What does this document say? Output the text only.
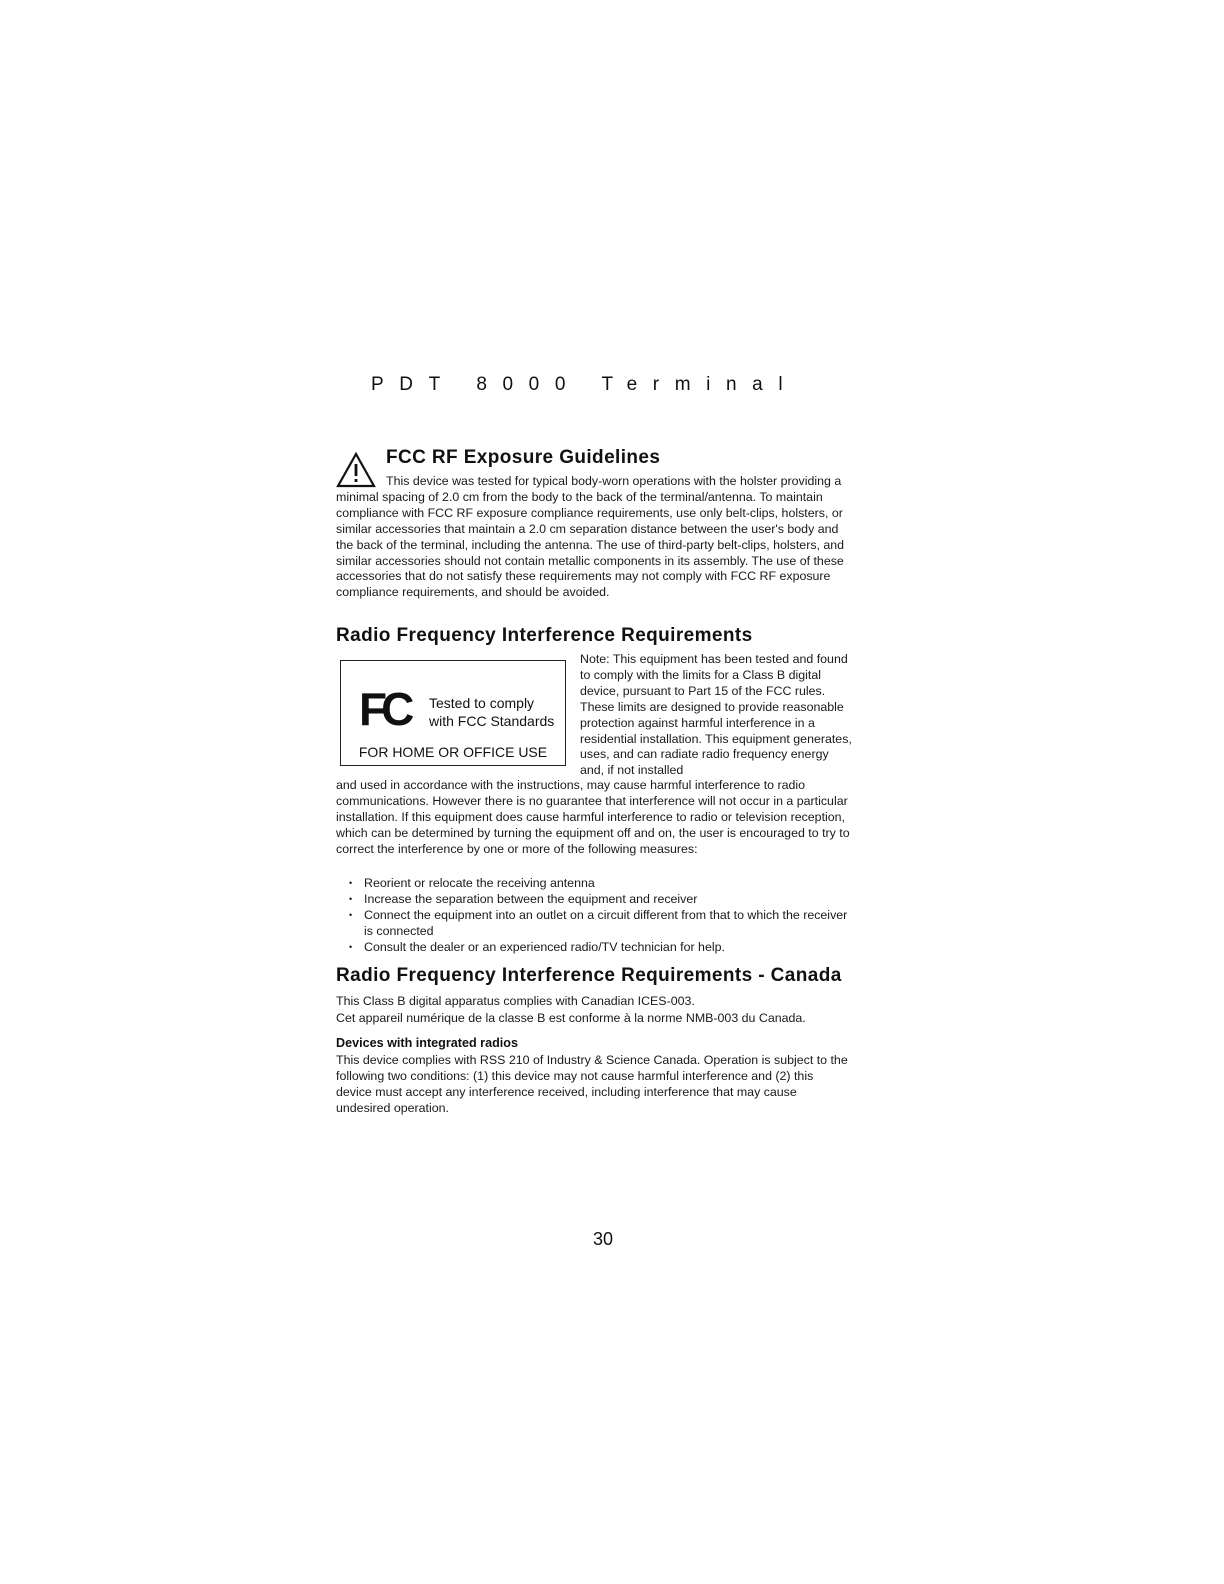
PDT 8000 Terminal
FCC RF Exposure Guidelines

This device was tested for typical body-worn operations with the holster providing a minimal spacing of 2.0 cm from the body to the back of the terminal/antenna. To maintain compliance with FCC RF exposure compliance requirements, use only belt-clips, holsters, or similar accessories that maintain a 2.0 cm separation distance between the user's body and the back of the terminal, including the antenna. The use of third-party belt-clips, holsters, and similar accessories should not contain metallic components in its assembly. The use of these accessories that do not satisfy these requirements may not comply with FCC RF exposure compliance requirements, and should be avoided.

Radio Frequency Interference Requirements
FC	Tested to comply
with FCC Standards
FOR HOME OR OFFICE USE

Note: This equipment has been tested and found to comply with the limits for a Class B digital device, pursuant to Part 15 of the FCC rules. These limits are designed to provide reasonable protection against harmful interference in a residential installation. This equipment generates, uses, and can radiate radio frequency energy and, if not installed

and used in accordance with the instructions, may cause harmful interference to radio communications. However there is no guarantee that interference will not occur in a particular installation. If this equipment does cause harmful interference to radio or television reception, which can be determined by turning the equipment off and on, the user is encouraged to try to correct the interference by one or more of the following measures:

• Reorient or relocate the receiving antenna
• Increase the separation between the equipment and receiver
• Connect the equipment into an outlet on a circuit different from that to which the receiver is connected
• Consult the dealer or an experienced radio/TV technician for help.
Radio Frequency Interference Requirements - Canada

This Class B digital apparatus complies with Canadian ICES-003.

Cet appareil numérique de la classe B est conforme à la norme NMB-003 du Canada.

Devices with integrated radios

This device complies with RSS 210 of Industry & Science Canada. Operation is subject to the following two conditions: (1) this device may not cause harmful interference and (2) this device must accept any interference received, including interference that may cause undesired operation.

30
